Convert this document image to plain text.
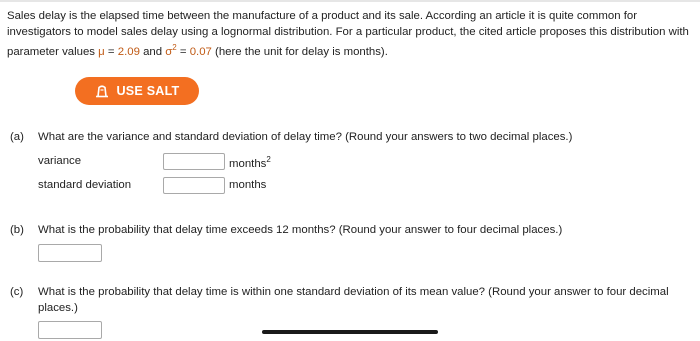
Sales delay is the elapsed time between the manufacture of a product and its sale. According an article it is quite common for investigators to model sales delay using a lognormal distribution. For a particular product, the cited article proposes this distribution with parameter values μ = 2.09 and $\sigma^2 = 0.07$ (here the unit for delay is months).
USE SALT
(a) What are the variance and standard deviation of delay time? (Round your answers to two decimal places.)
variance	months$^2$
standard deviation	months
(b) What is the probability that delay time exceeds 12 months? (Round your answer to four decimal places.)
(c)	What is the probability that delay time is within one standard deviation of its mean value? (Round your answer to four decimal places.)
